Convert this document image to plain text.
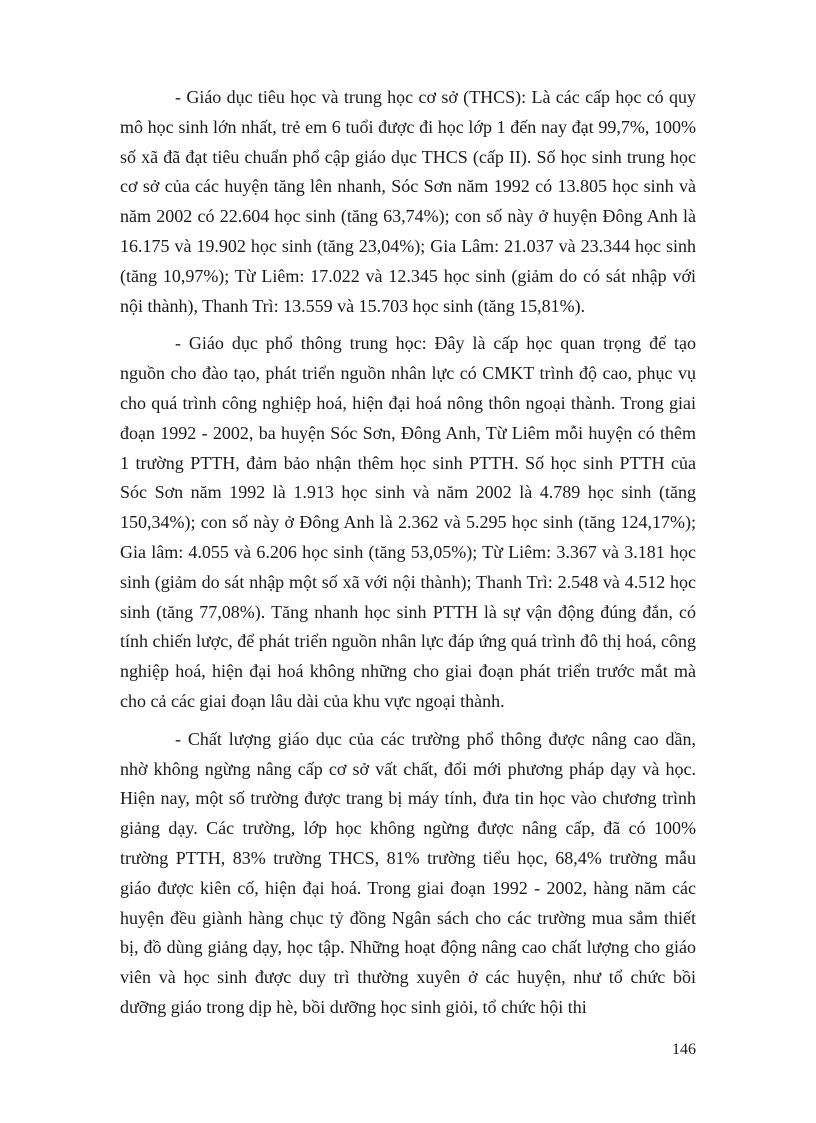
- Giáo dục tiêu học và trung học cơ sở (THCS): Là các cấp học có quy mô học sinh lớn nhất, trẻ em 6 tuổi được đi học lớp 1 đến nay đạt 99,7%, 100% số xã đã đạt tiêu chuẩn phổ cập giáo dục THCS (cấp II). Số học sinh trung học cơ sở của các huyện tăng lên nhanh, Sóc Sơn năm 1992 có 13.805 học sinh và năm 2002 có 22.604 học sinh (tăng 63,74%); con số này ở huyện Đông Anh là 16.175 và 19.902 học sinh (tăng 23,04%); Gia Lâm: 21.037 và 23.344 học sinh (tăng 10,97%); Từ Liêm: 17.022 và 12.345 học sinh (giảm do có sát nhập với nội thành), Thanh Trì: 13.559 và 15.703 học sinh (tăng 15,81%).

- Giáo dục phổ thông trung học: Đây là cấp học quan trọng để tạo nguồn cho đào tạo, phát triển nguồn nhân lực có CMKT trình độ cao, phục vụ cho quá trình công nghiệp hoá, hiện đại hoá nông thôn ngoại thành. Trong giai đoạn 1992 - 2002, ba huyện Sóc Sơn, Đông Anh, Từ Liêm mỗi huyện có thêm 1 trường PTTH, đảm bảo nhận thêm học sinh PTTH. Số học sinh PTTH của Sóc Sơn năm 1992 là 1.913 học sinh và năm 2002 là 4.789 học sinh (tăng 150,34%); con số này ở Đông Anh là 2.362 và 5.295 học sinh (tăng 124,17%); Gia lâm: 4.055 và 6.206 học sinh (tăng 53,05%); Từ Liêm: 3.367 và 3.181 học sinh (giảm do sát nhập một số xã với nội thành); Thanh Trì: 2.548 và 4.512 học sinh (tăng 77,08%). Tăng nhanh học sinh PTTH là sự vận động đúng đắn, có tính chiến lược, để phát triển nguồn nhân lực đáp ứng quá trình đô thị hoá, công nghiệp hoá, hiện đại hoá không những cho giai đoạn phát triển trước mắt mà cho cả các giai đoạn lâu dài của khu vực ngoại thành.

- Chất lượng giáo dục của các trường phổ thông được nâng cao dần, nhờ không ngừng nâng cấp cơ sở vất chất, đổi mới phương pháp dạy và học. Hiện nay, một số trường được trang bị máy tính, đưa tin học vào chương trình giảng dạy. Các trường, lớp học không ngừng được nâng cấp, đã có 100% trường PTTH, 83% trường THCS, 81% trường tiểu học, 68,4% trường mẫu giáo được kiên cố, hiện đại hoá. Trong giai đoạn 1992 - 2002, hàng năm các huyện đều giành hàng chục tỷ đồng Ngân sách cho các trường mua sắm thiết bị, đồ dùng giảng dạy, học tập. Những hoạt động nâng cao chất lượng cho giáo viên và học sinh được duy trì thường xuyên ở các huyện, như tổ chức bồi dưỡng giáo trong dịp hè, bồi dưỡng học sinh giỏi, tổ chức hội thi

146
